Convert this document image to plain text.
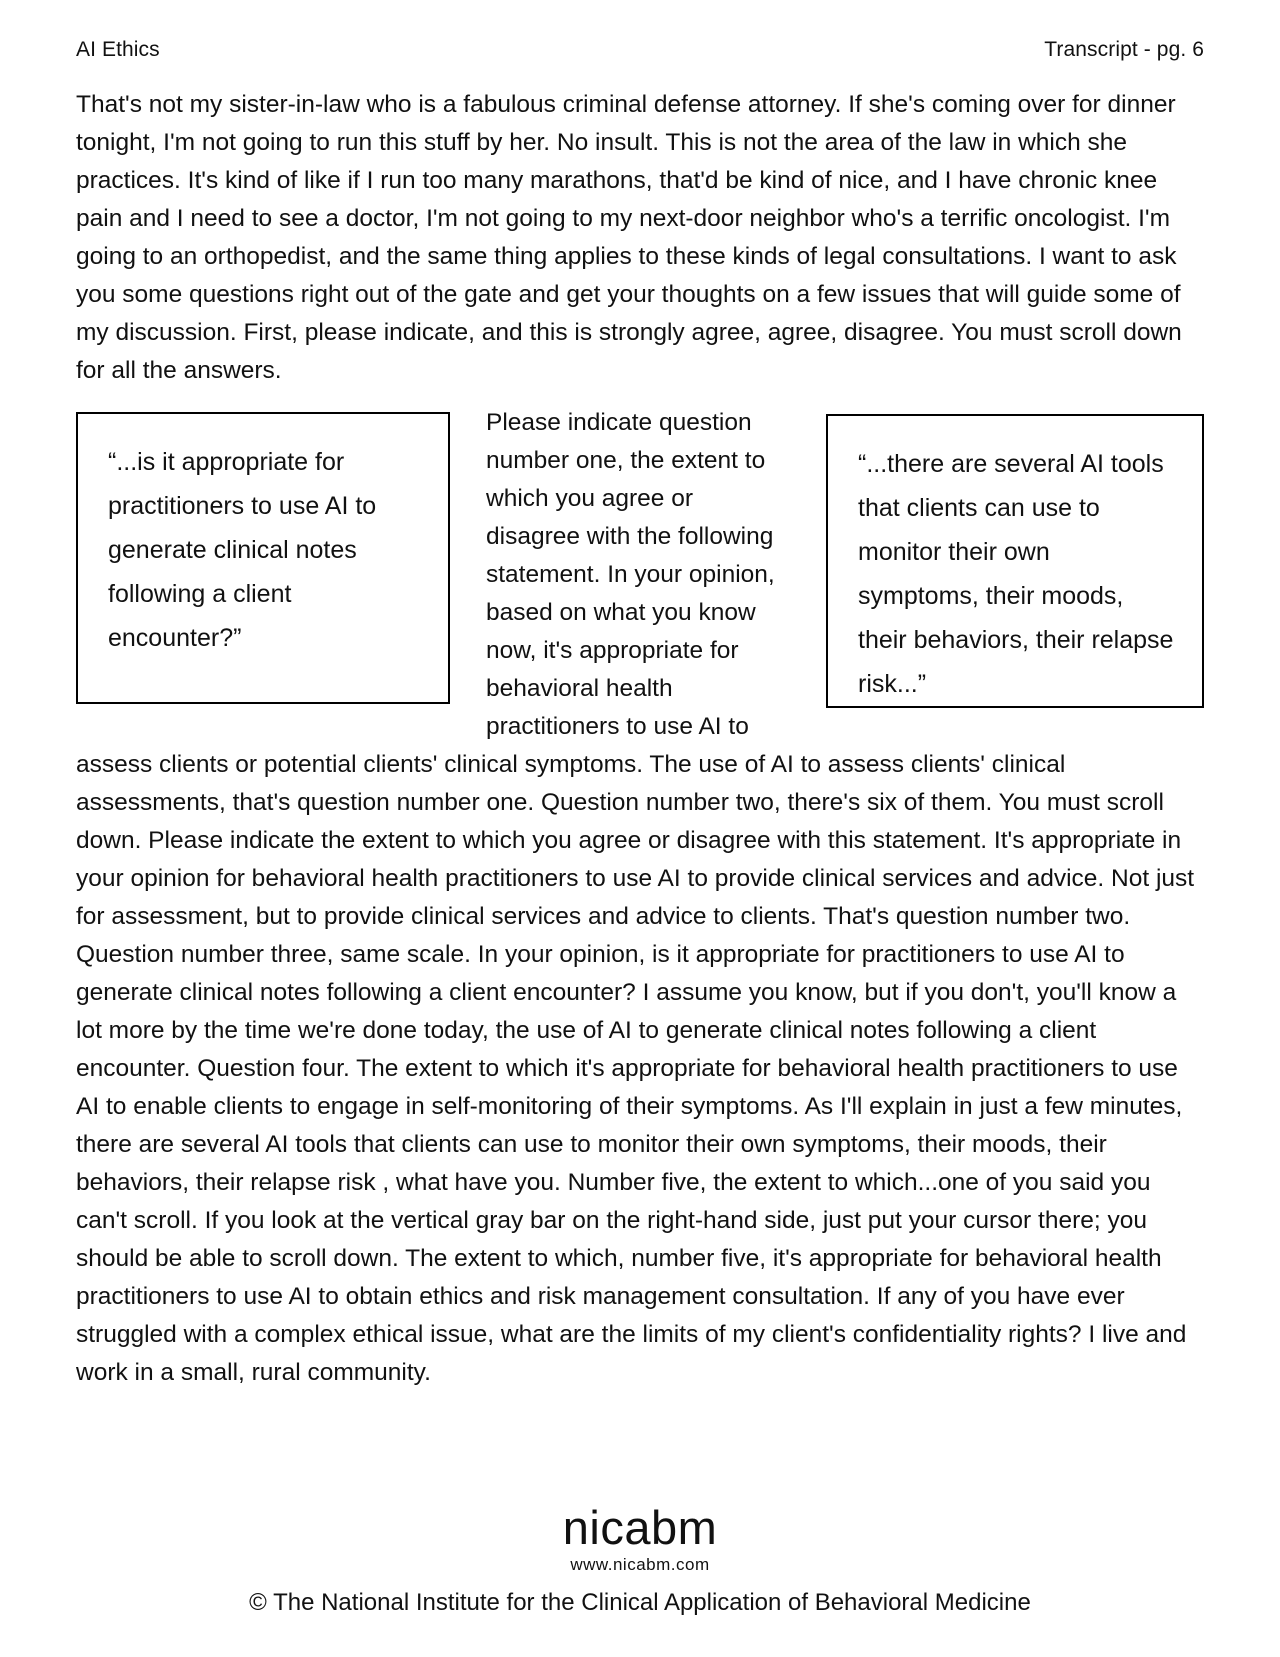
AI Ethics	Transcript - pg. 6

That's not my sister-in-law who is a fabulous criminal defense attorney. If she's coming over for dinner tonight, I'm not going to run this stuff by her. No insult. This is not the area of the law in which she practices. It's kind of like if I run too many marathons, that'd be kind of nice, and I have chronic knee pain and I need to see a doctor, I'm not going to my next-door neighbor who's a terrific oncologist. I'm going to an orthopedist, and the same thing applies to these kinds of legal consultations. I want to ask you some questions right out of the gate and get your thoughts on a few issues that will guide some of my discussion. First, please indicate, and this is strongly agree, agree, disagree. You must scroll down for all the answers.

“...is it appropriate for practitioners to use AI to generate clinical notes following a client encounter?”
“...there are several AI tools that clients can use to monitor their own symptoms, their moods, their behaviors, their relapse risk...”

Please indicate question number one, the extent to which you agree or disagree with the following statement. In your opinion, based on what you know now, it's appropriate for behavioral health practitioners to use AI to assess clients or potential clients' clinical symptoms. The use of AI to assess clients' clinical assessments, that's question number one. Question number two, there's six of them. You must scroll down. Please indicate the extent to which you agree or disagree with this statement. It's appropriate in your opinion for behavioral health practitioners to use AI to provide clinical services and advice. Not just for assessment, but to provide clinical services and advice to clients. That's question number two. Question number three, same scale. In your opinion, is it appropriate for practitioners to use AI to generate clinical notes following a client encounter? I assume you know, but if you don't, you'll know a lot more by the time we're done today, the use of AI to generate clinical notes following a client encounter. Question four. The extent to which it's appropriate for behavioral health practitioners to use AI to enable clients to engage in self-monitoring of their symptoms. As I'll explain in just a few minutes, there are several AI tools that clients can use to monitor their own symptoms, their moods, their behaviors, their relapse risk , what have you. Number five, the extent to which...one of you said you can't scroll. If you look at the vertical gray bar on the right-hand side, just put your cursor there; you should be able to scroll down. The extent to which, number five, it's appropriate for behavioral health practitioners to use AI to obtain ethics and risk management consultation. If any of you have ever struggled with a complex ethical issue, what are the limits of my client's confidentiality rights? I live and work in a small, rural community.

nicabm
www.nicabm.com
© The National Institute for the Clinical Application of Behavioral Medicine
